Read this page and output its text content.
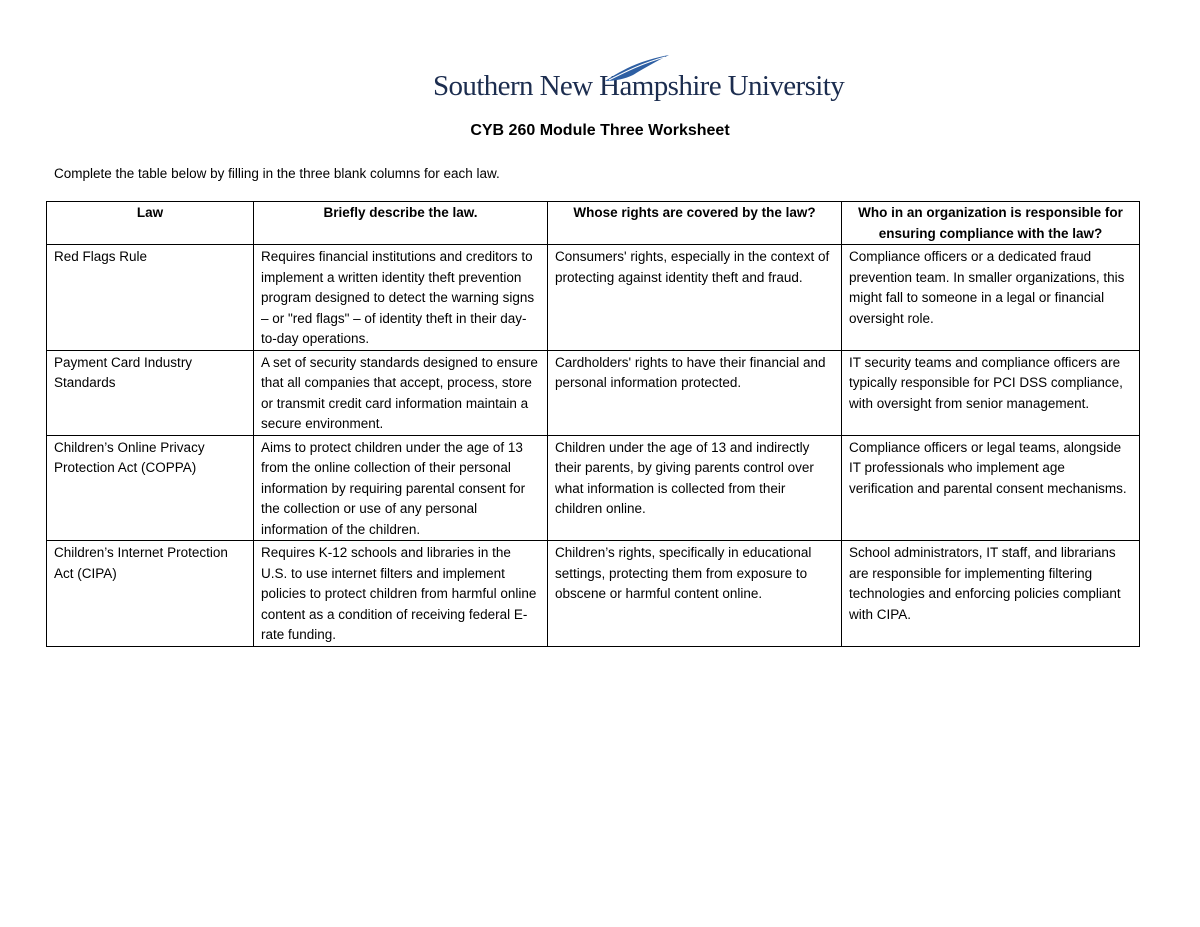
Southern New Hampshire University
CYB 260 Module Three Worksheet
Complete the table below by filling in the three blank columns for each law.
Law	Briefly describe the law.	Whose rights are covered by the law?	Who in an organization is responsible for ensuring compliance with the law?
Red Flags Rule	Requires financial institutions and creditors to implement a written identity theft prevention program designed to detect the warning signs – or "red flags" – of identity theft in their day-to-day operations.	Consumers' rights, especially in the context of protecting against identity theft and fraud.	Compliance officers or a dedicated fraud prevention team. In smaller organizations, this might fall to someone in a legal or financial oversight role.
Payment Card Industry Standards	A set of security standards designed to ensure that all companies that accept, process, store or transmit credit card information maintain a secure environment.	Cardholders' rights to have their financial and personal information protected.	IT security teams and compliance officers are typically responsible for PCI DSS compliance, with oversight from senior management.
Children’s Online Privacy Protection Act (COPPA)	Aims to protect children under the age of 13 from the online collection of their personal information by requiring parental consent for the collection or use of any personal information of the children.	Children under the age of 13 and indirectly their parents, by giving parents control over what information is collected from their children online.	Compliance officers or legal teams, alongside IT professionals who implement age verification and parental consent mechanisms.
Children’s Internet Protection Act (CIPA)	Requires K-12 schools and libraries in the U.S. to use internet filters and implement policies to protect children from harmful online content as a condition of receiving federal E-rate funding.	Children’s rights, specifically in educational settings, protecting them from exposure to obscene or harmful content online.	School administrators, IT staff, and librarians are responsible for implementing filtering technologies and enforcing policies compliant with CIPA.
